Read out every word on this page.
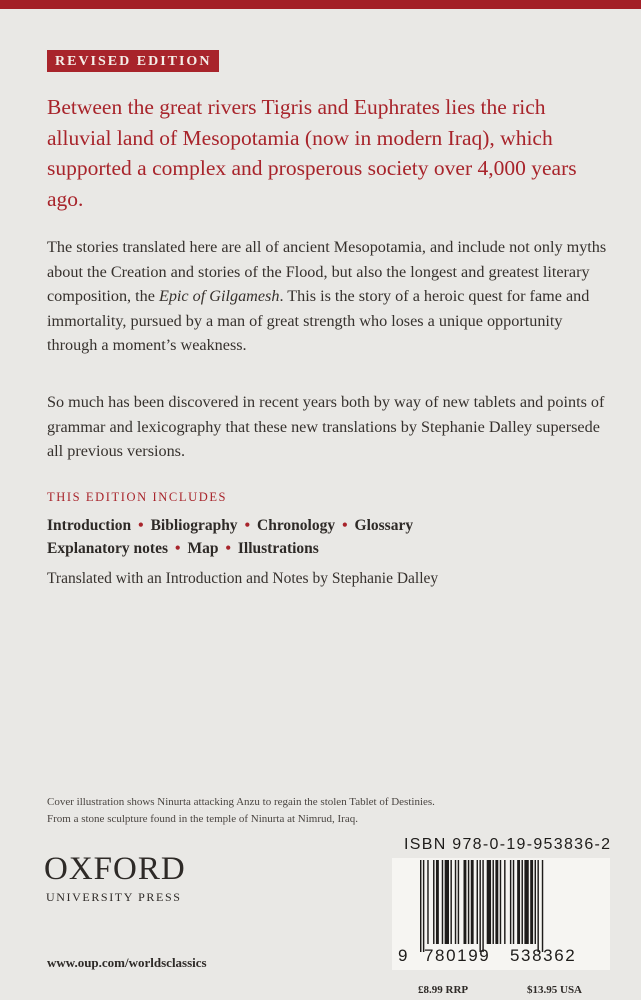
REVISED EDITION

Between the great rivers Tigris and Euphrates lies the rich alluvial land of Mesopotamia (now in modern Iraq), which supported a complex and prosperous society over 4,000 years ago.

The stories translated here are all of ancient Mesopotamia, and include not only myths about the Creation and stories of the Flood, but also the longest and greatest literary composition, the Epic of Gilgamesh. This is the story of a heroic quest for fame and immortality, pursued by a man of great strength who loses a unique opportunity through a moment’s weakness.

So much has been discovered in recent years both by way of new tablets and points of grammar and lexicography that these new translations by Stephanie Dalley supersede all previous versions.

THIS EDITION INCLUDES
Introduction • Bibliography • Chronology • Glossary
Explanatory notes • Map • Illustrations
Translated with an Introduction and Notes by Stephanie Dalley
Cover illustration shows Ninurta attacking Anzu to regain the stolen Tablet of Destinies.
From a stone sculpture found in the temple of Ninurta at Nimrud, Iraq.
OXFORD
UNIVERSITY PRESS
ISBN 978-0-19-953836-2
9 780199 538362
www.oup.com/worldsclassics
£8.99 RRP	$13.95 USA
